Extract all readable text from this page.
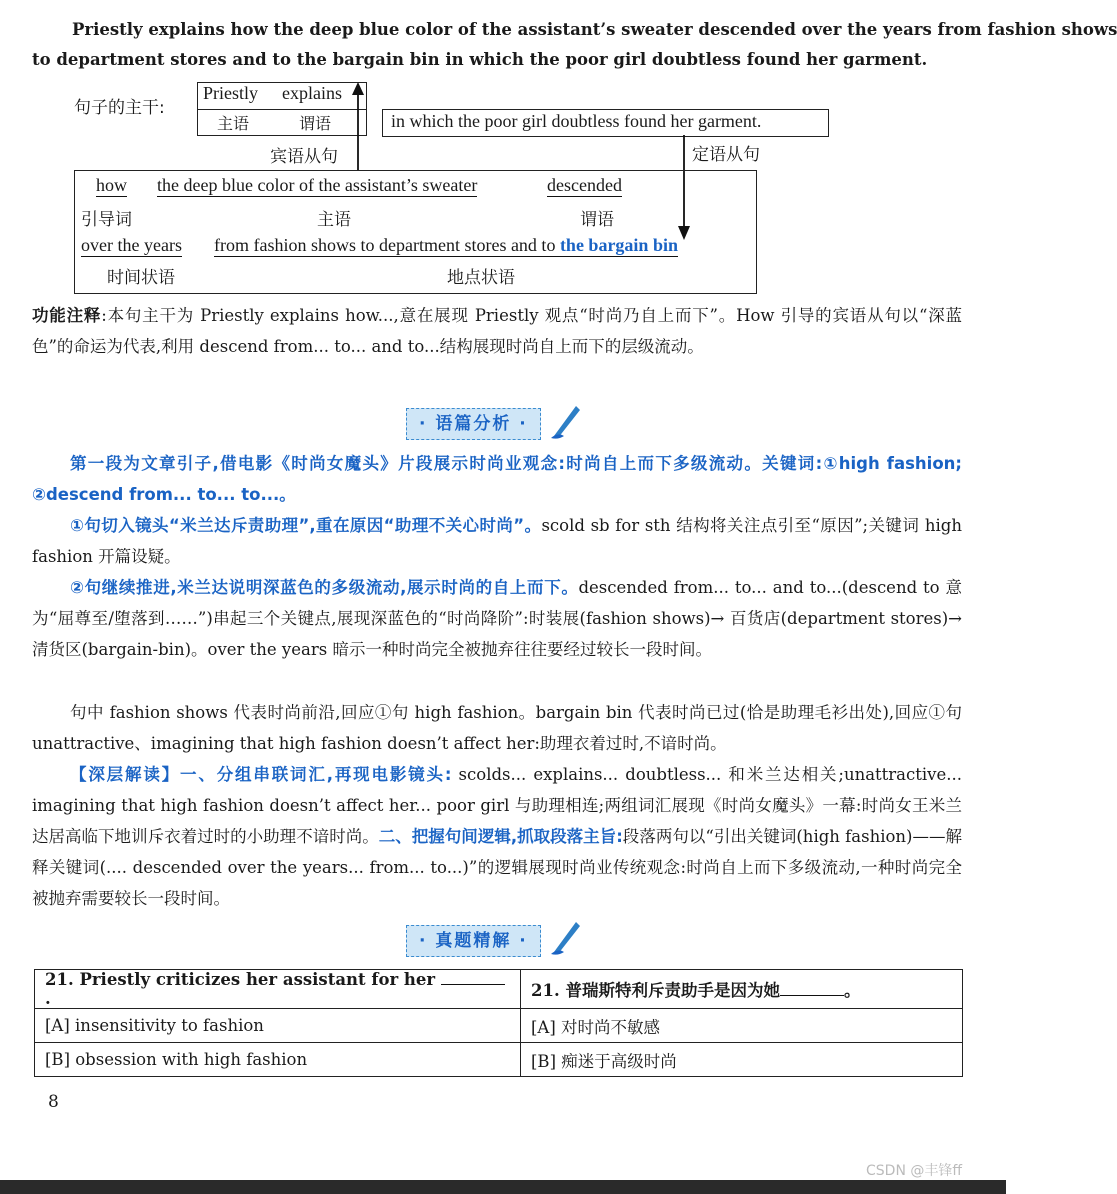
Priestly explains how the deep blue color of the assistant’s sweater descended over the years from fashion shows
to department stores and to the bargain bin in which the poor girl doubtless found her garment.
句子的主干:
Priestly explains
主语	谓语	in which the poor girl doubtless found her garment.
宾语从句	定语从句
how the deep blue color of the assistant’s sweater	descended
引导词	主语	谓语
over the years from fashion shows to department stores and to the bargain bin
时间状语	地点状语
功能注释:本句主干为 Priestly explains how...,意在展现 Priestly 观点“时尚乃自上而下”。How 引导的宾语从句以“深蓝色”的命运为代表,利用 descend from... to... and to...结构展现时尚自上而下的层级流动。
· 语篇分析 ·
第一段为文章引子,借电影《时尚女魔头》片段展示时尚业观念:时尚自上而下多级流动。关键词:①high fashion; ②descend from... to... to...。
①句切入镜头“米兰达斥责助理”,重在原因“助理不关心时尚”。scold sb for sth 结构将关注点引至“原因”;关键词 high fashion 开篇设疑。
②句继续推进,米兰达说明深蓝色的多级流动,展示时尚的自上而下。descended from... to... and to...(descend to 意为“屈尊至/堕落到……”)串起三个关键点,展现深蓝色的“时尚降阶”:时装展(fashion shows)→ 百货店(department stores)→清货区(bargain-bin)。over the years 暗示一种时尚完全被抛弃往往要经过较长一段时间。
句中 fashion shows 代表时尚前沿,回应①句 high fashion。bargain bin 代表时尚已过(恰是助理毛衫出处),回应①句 unattractive、imagining that high fashion doesn’t affect her:助理衣着过时,不谙时尚。
【深层解读】一、分组串联词汇,再现电影镜头: scolds... explains... doubtless... 和米兰达相关;unattractive... imagining that high fashion doesn’t affect her... poor girl 与助理相连;两组词汇展现《时尚女魔头》一幕:时尚女王米兰达居高临下地训斥衣着过时的小助理不谙时尚。二、把握句间逻辑,抓取段落主旨:段落两句以“引出关键词(high fashion)——解释关键词(.... descended over the years... from... to...)”的逻辑展现时尚业传统观念:时尚自上而下多级流动,一种时尚完全被抛弃需要较长一段时间。
· 真题精解 ·
21. Priestly criticizes her assistant for her .	21. 普瑞斯特利斥责助手是因为她 。
[A] insensitivity to fashion	[A] 对时尚不敏感
[B] obsession with high fashion	[B] 痴迷于高级时尚
8
CSDN @丰锋ff
